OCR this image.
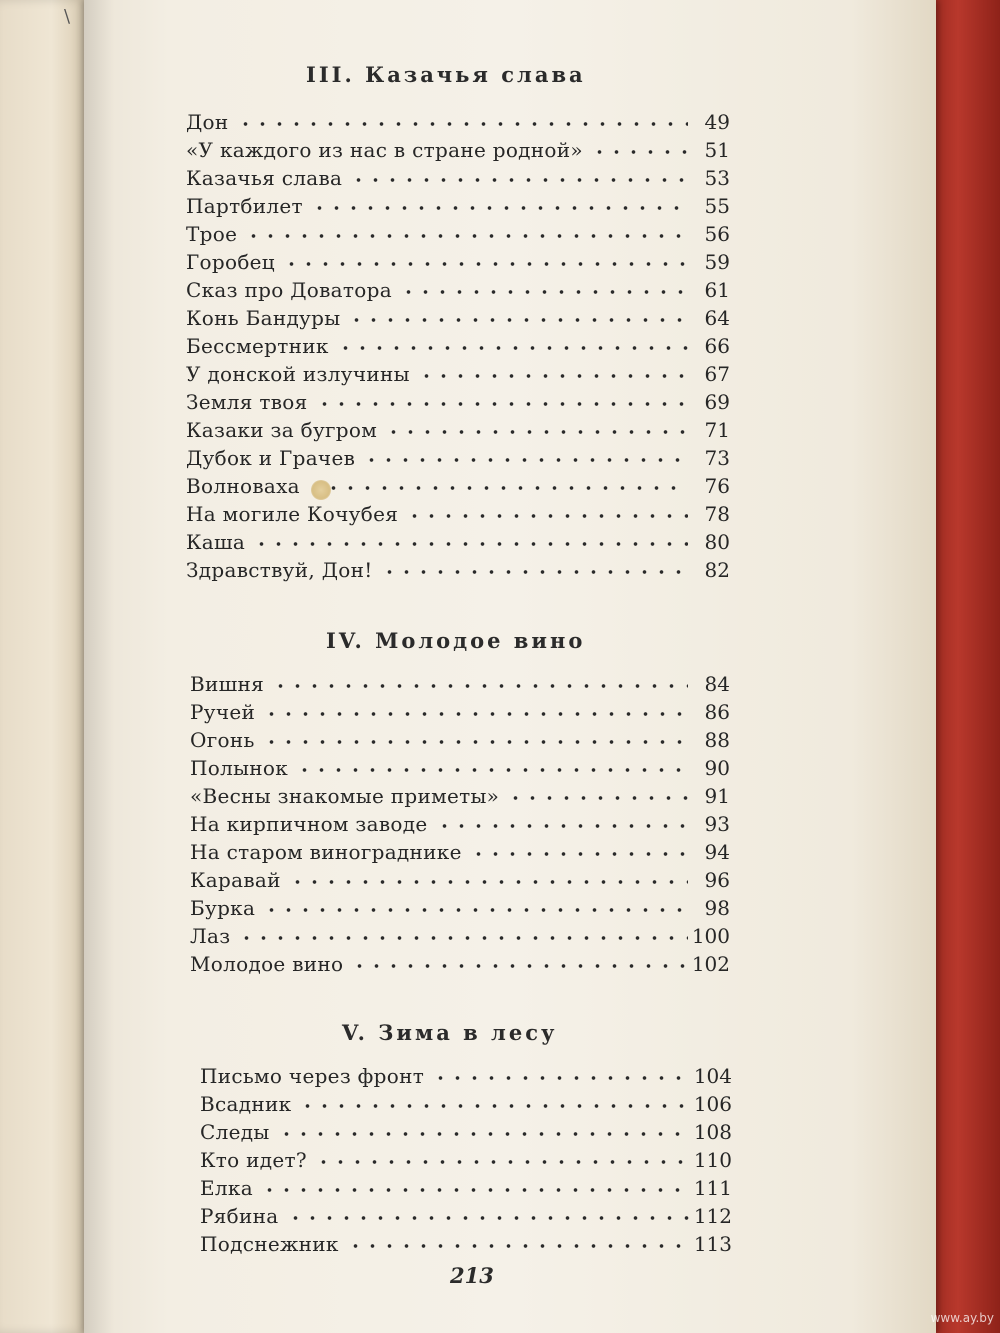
\
III. Казачья слава
Дон	49
«У каждого из нас в стране родной»	51
Казачья слава	53
Партбилет	55
Трое	56
Горобец	59
Сказ про Доватора	61
Конь Бандуры	64
Бессмертник	66
У донской излучины	67
Земля твоя	69
Казаки за бугром	71
Дубок и Грачев	73
Волноваха	76
На могиле Кочубея	78
Каша	80
Здравствуй, Дон!	82
IV. Молодое вино
Вишня	84
Ручей	86
Огонь	88
Полынок	90
«Весны знакомые приметы»	91
На кирпичном заводе	93
На старом винограднике	94
Каравай	96
Бурка	98
Лаз	100
Молодое вино	102
V. Зима в лесу
Письмо через фронт	104
Всадник	106
Следы	108
Кто идет?	110
Елка	111
Рябина	112
Подснежник	113
213
www.ay.by
